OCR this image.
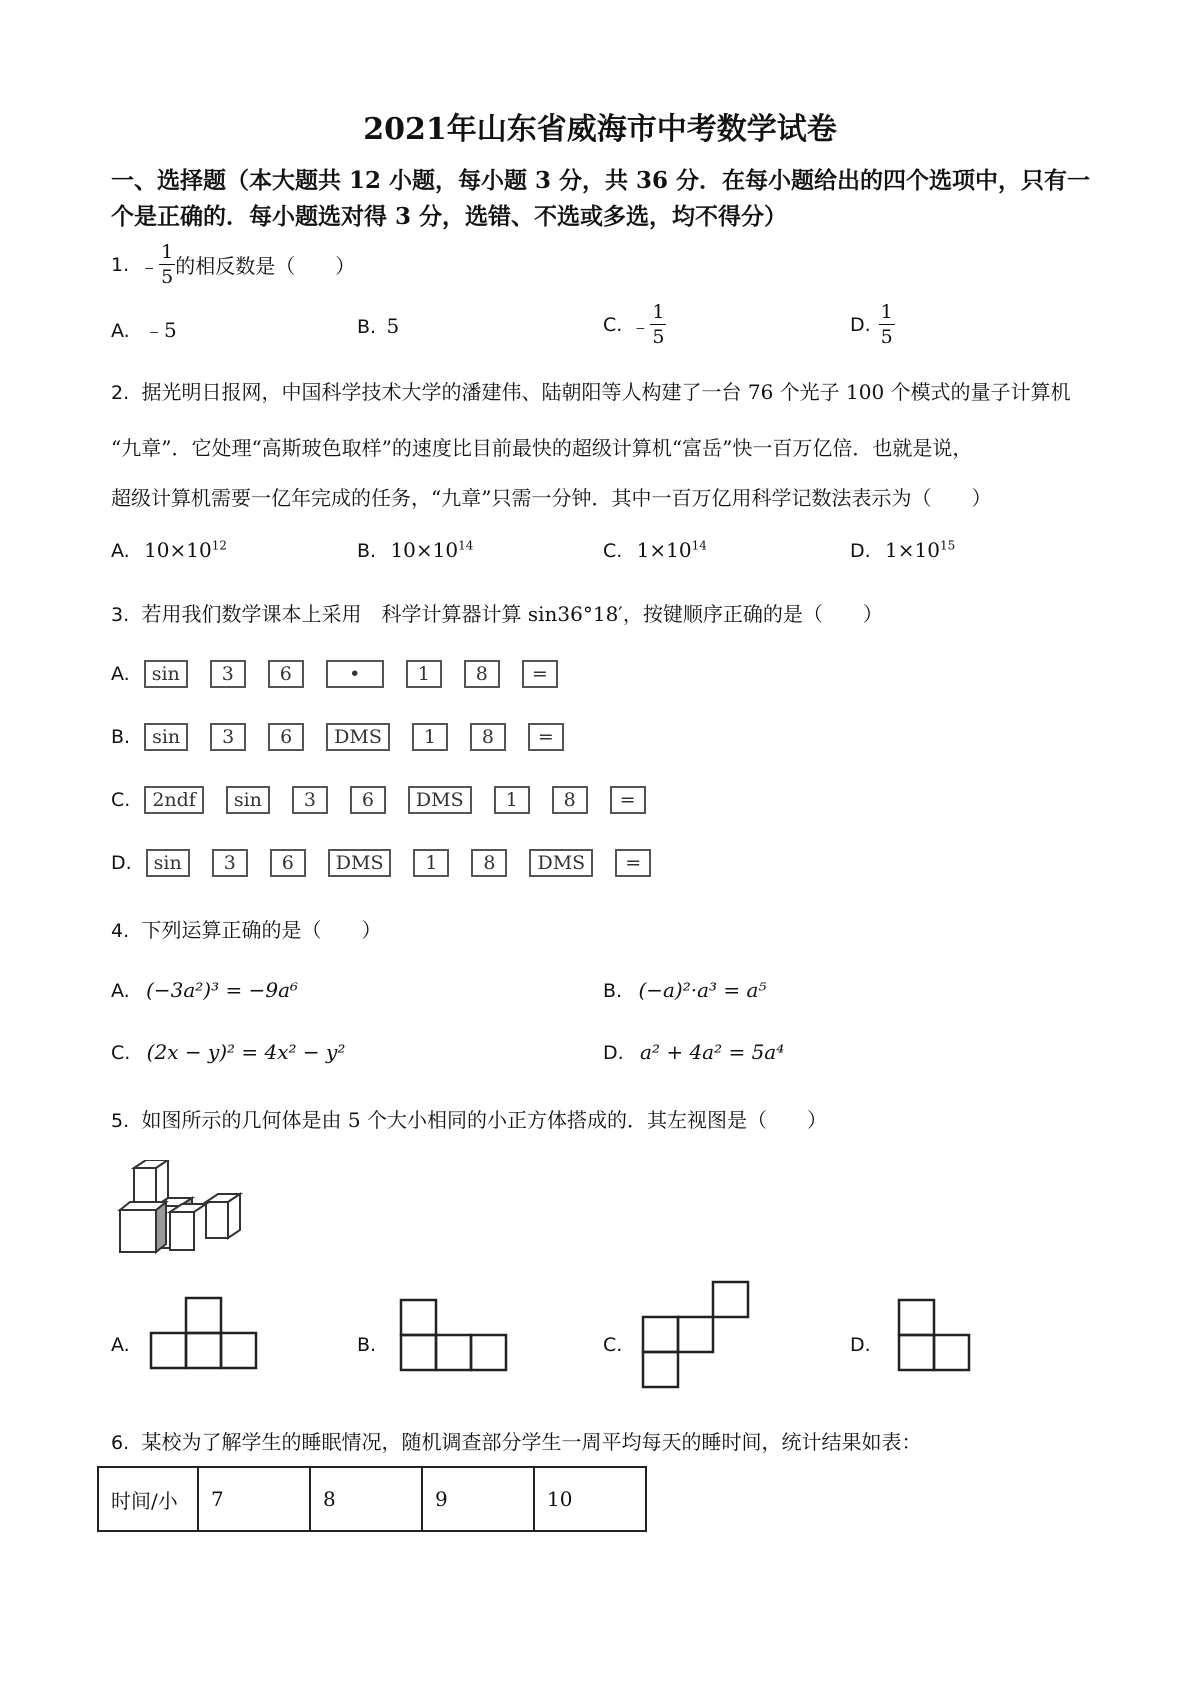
2021年山东省威海市中考数学试卷
一、选择题（本大题共 12 小题，每小题 3 分，共 36 分．在每小题给出的四个选项中，只有一
个是正确的．每小题选对得 3 分，选错、不选或多选，均不得分）
1. ﹣ $\frac{1}{5}$ 的相反数是（　　）
A. ﹣5	B. 5	C. ﹣ $\frac{1}{5}$	D. $\frac{1}{5}$
2. 据光明日报网，中国科学技术大学的潘建伟、陆朝阳等人构建了一台 76 个光子 100 个模式的量子计算机
“九章”．它处理“高斯玻色取样”的速度比目前最快的超级计算机“富岳”快一百万亿倍．也就是说，
超级计算机需要一亿年完成的任务，“九章”只需一分钟．其中一百万亿用科学记数法表示为（　　）
A. $10\times 10^{12}$	B. $10\times 10^{14}$	C. $1\times 10^{14}$	D. $1\times 10^{15}$
3. 若用我们数学课本上采用　科学计算器计算 sin36°18′，按键顺序正确的是（　　）
A.	sin	3	6	•	1	8	=
B.	sin	3	6	DMS	1	8	=
C.	2ndf	sin	3	6	DMS	1	8	=
D.	sin	3	6	DMS	1	8	DMS	=
4. 下列运算正确的是（　　）
A. (−3a²)³ = −9a⁶	B. (−a)²·a³ = a⁵
C. (2x − y)² = 4x² − y²	D. a² + 4a² = 5a⁴
5. 如图所示的几何体是由 5 个大小相同的小正方体搭成的．其左视图是（　　）
A.	B.	C.	D.
6. 某校为了解学生的睡眠情况，随机调查部分学生一周平均每天的睡时间，统计结果如表：
时间/小	7	8	9	10
